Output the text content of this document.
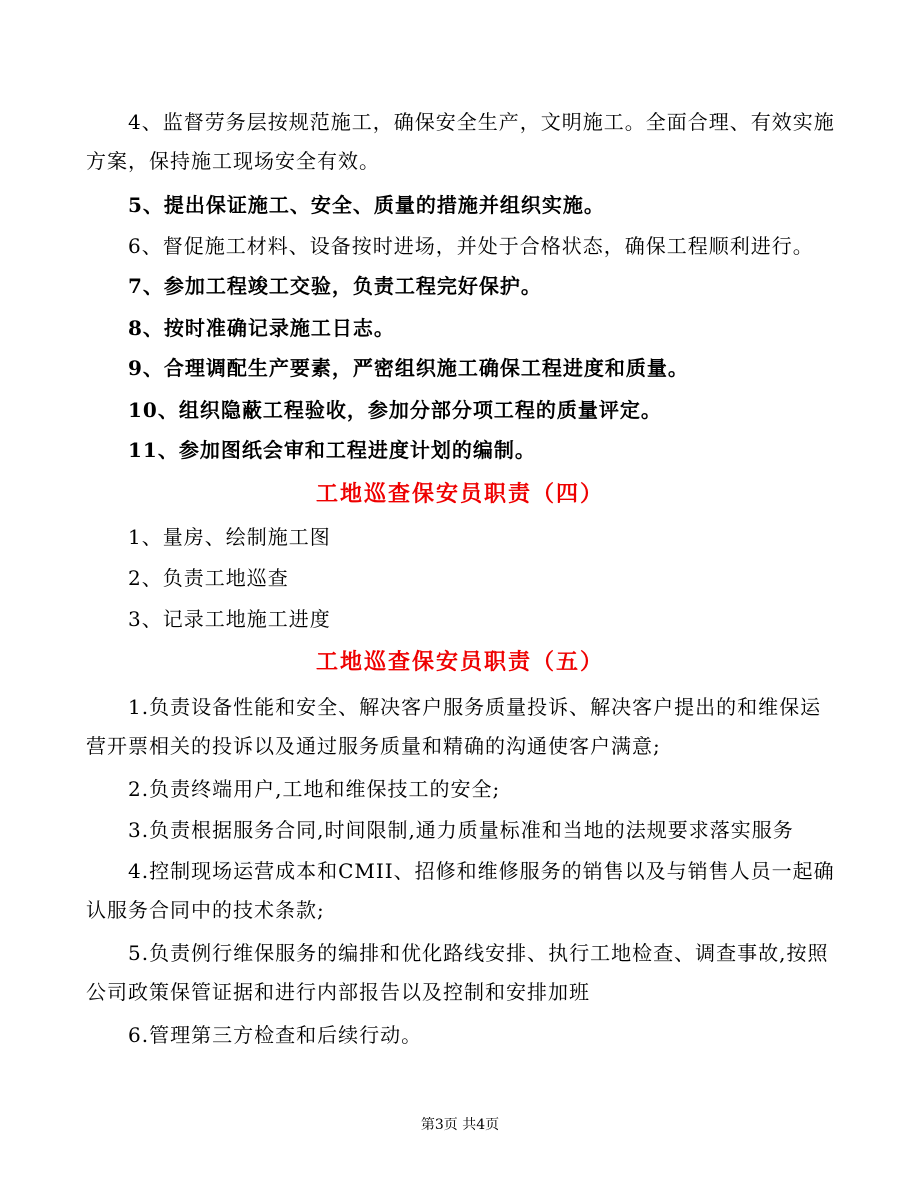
4、监督劳务层按规范施工，确保安全生产，文明施工。全面合理、有效实施方案，保持施工现场安全有效。
5、提出保证施工、安全、质量的措施并组织实施。
6、督促施工材料、设备按时进场，并处于合格状态，确保工程顺利进行。
7、参加工程竣工交验，负责工程完好保护。
8、按时准确记录施工日志。
9、合理调配生产要素，严密组织施工确保工程进度和质量。
10、组织隐蔽工程验收，参加分部分项工程的质量评定。
11、参加图纸会审和工程进度计划的编制。
工地巡查保安员职责（四）
1、量房、绘制施工图
2、负责工地巡查
3、记录工地施工进度
工地巡查保安员职责（五）
1.负责设备性能和安全、解决客户服务质量投诉、解决客户提出的和维保运营开票相关的投诉以及通过服务质量和精确的沟通使客户满意;
2.负责终端用户,工地和维保技工的安全;
3.负责根据服务合同,时间限制,通力质量标准和当地的法规要求落实服务
4.控制现场运营成本和CMII、招修和维修服务的销售以及与销售人员一起确认服务合同中的技术条款;
5.负责例行维保服务的编排和优化路线安排、执行工地检查、调查事故,按照公司政策保管证据和进行内部报告以及控制和安排加班
6.管理第三方检查和后续行动。
第3页 共4页
